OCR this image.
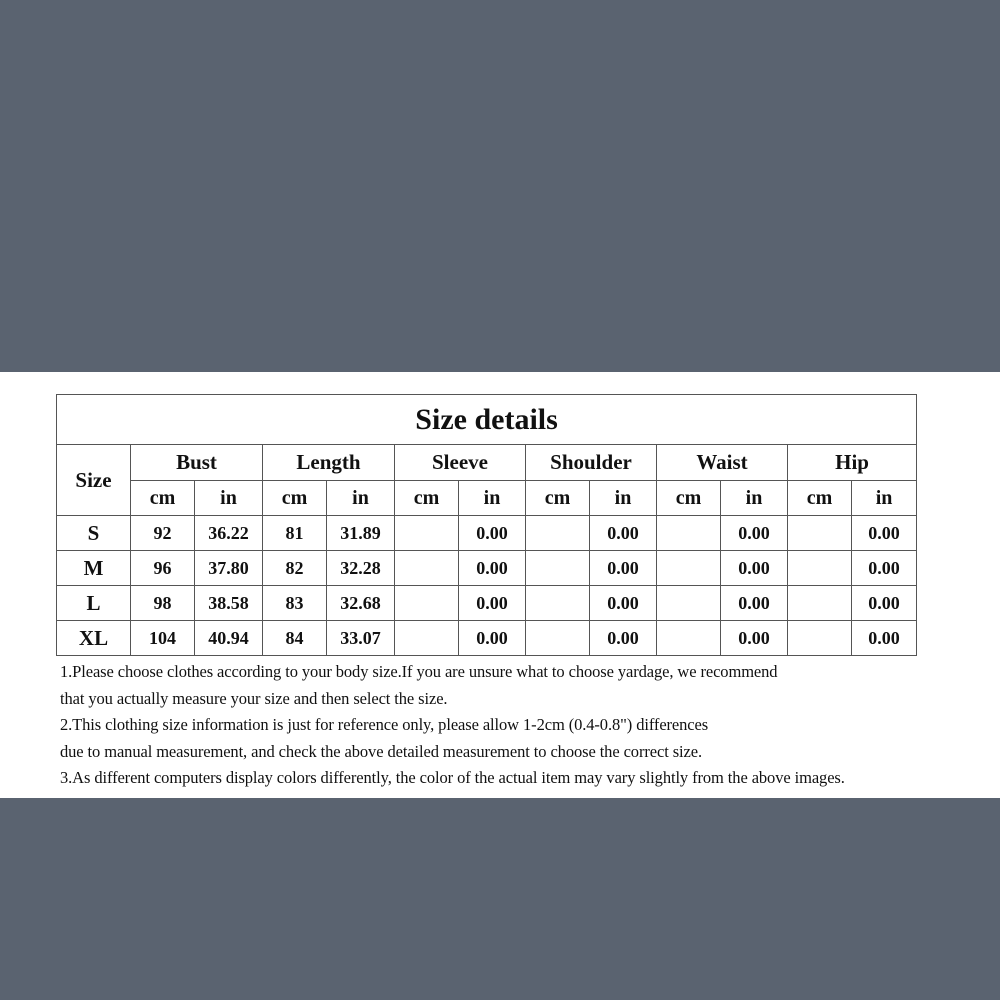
Size details												
Size	Bust		Length		Sleeve		Shoulder		Waist		Hip	
	cm	in	cm	in	cm	in	cm	in	cm	in	cm	in
S	92	36.22	81	31.89		0.00		0.00		0.00		0.00
M	96	37.80	82	32.28		0.00		0.00		0.00		0.00
L	98	38.58	83	32.68		0.00		0.00		0.00		0.00
XL	104	40.94	84	33.07		0.00		0.00		0.00		0.00
1.Please choose clothes according to your body size.If you are unsure what to choose yardage, we recommend
that you actually measure your size and then select the size.
2.This clothing size information is just for reference only, please allow 1-2cm (0.4-0.8") differences
due to manual measurement, and check the above detailed measurement to choose the correct size.
3.As different computers display colors differently, the color of the actual item may vary slightly from the above images.
